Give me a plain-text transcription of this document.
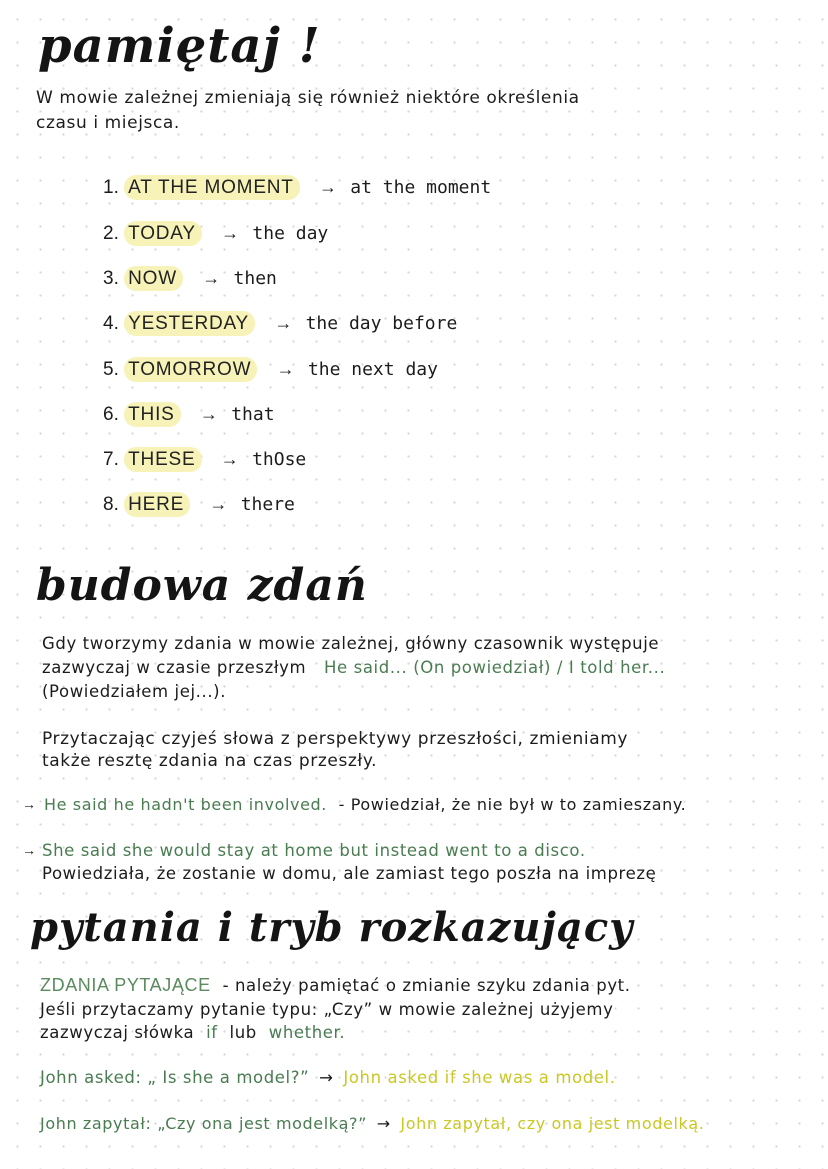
pamiętaj !
W mowie zależnej zmieniają się również niektóre określenia
czasu i miejsca.
1. AT THE MOMENT → at the moment
2. TODAY → the day
3. NOW → then
4. YESTERDAY → the day before
5. TOMORROW → the next day
6. THIS → that
7. THESE → thOse
8. HERE → there
budowa zdań
Gdy tworzymy zdania w mowie zależnej, główny czasownik występuje
zazwyczaj w czasie przeszłym He said... (On powiedział) / I told her...
(Powiedziałem jej...).
Przytaczając czyjeś słowa z perspektywy przeszłości, zmieniamy
także resztę zdania na czas przeszły.
→ He said he hadn't been involved. - Powiedział, że nie był w to zamieszany.
→ She said she would stay at home but instead went to a disco.
Powiedziała, że zostanie w domu, ale zamiast tego poszła na imprezę
pytania i tryb rozkazujący
ZDANIA PYTAJĄCE - należy pamiętać o zmianie szyku zdania pyt.
Jeśli przytaczamy pytanie typu: „Czy” w mowie zależnej użyjemy
zazwyczaj słówka if lub whether.
John asked: „ Is she a model?” → John asked if she was a model.
John zapytał: „Czy ona jest modelką?” → John zapytał, czy ona jest modelką.
